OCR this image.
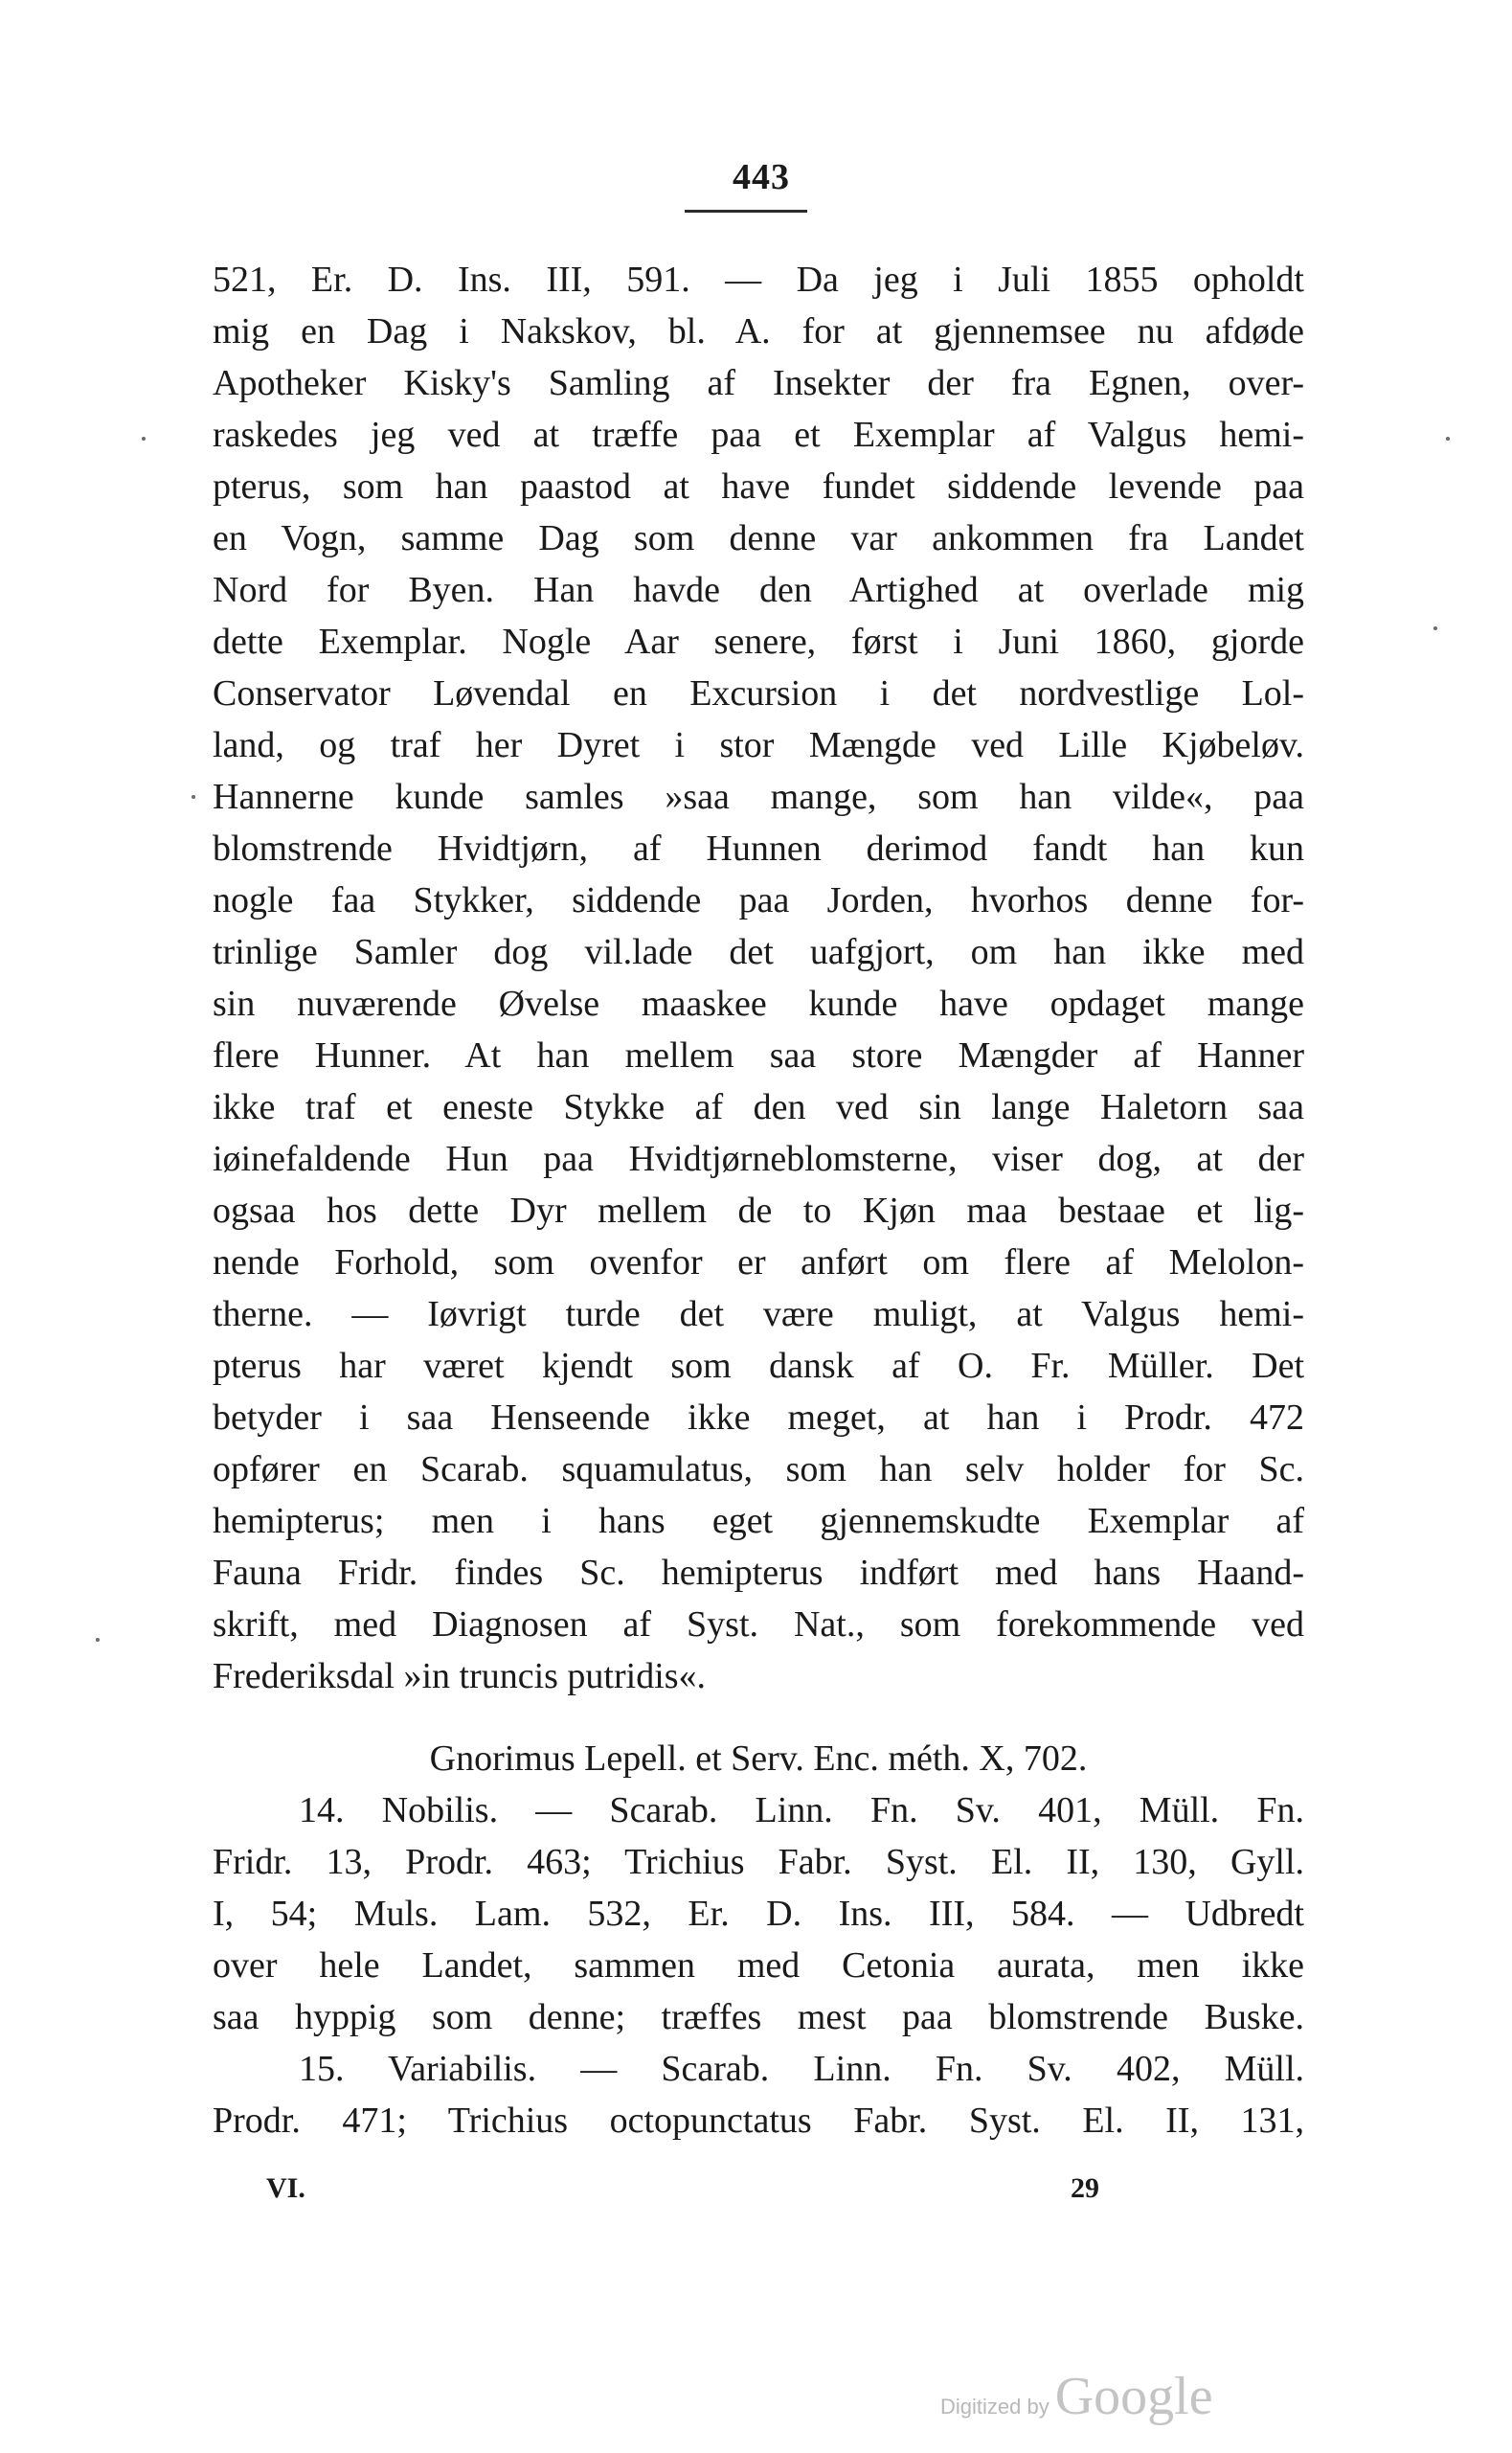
443
521, Er. D. Ins. III, 591. — Da jeg i Juli 1855 opholdt
mig en Dag i Nakskov, bl. A. for at gjennemsee nu afdøde
Apotheker Kisky's Samling af Insekter der fra Egnen, over-
raskedes jeg ved at træffe paa et Exemplar af Valgus hemi-
pterus, som han paastod at have fundet siddende levende paa
en Vogn, samme Dag som denne var ankommen fra Landet
Nord for Byen. Han havde den Artighed at overlade mig
dette Exemplar. Nogle Aar senere, først i Juni 1860, gjorde
Conservator Løvendal en Excursion i det nordvestlige Lol-
land, og traf her Dyret i stor Mængde ved Lille Kjøbeløv.
Hannerne kunde samles »saa mange, som han vilde«, paa
blomstrende Hvidtjørn, af Hunnen derimod fandt han kun
nogle faa Stykker, siddende paa Jorden, hvorhos denne for-
trinlige Samler dog vil.lade det uafgjort, om han ikke med
sin nuværende Øvelse maaskee kunde have opdaget mange
flere Hunner. At han mellem saa store Mængder af Hanner
ikke traf et eneste Stykke af den ved sin lange Haletorn saa
iøinefaldende Hun paa Hvidtjørneblomsterne, viser dog, at der
ogsaa hos dette Dyr mellem de to Kjøn maa bestaae et lig-
nende Forhold, som ovenfor er anført om flere af Melolon-
therne. — Iøvrigt turde det være muligt, at Valgus hemi-
pterus har været kjendt som dansk af O. Fr. Müller. Det
betyder i saa Henseende ikke meget, at han i Prodr. 472
opfører en Scarab. squamulatus, som han selv holder for Sc.
hemipterus; men i hans eget gjennemskudte Exemplar af
Fauna Fridr. findes Sc. hemipterus indført med hans Haand-
skrift, med Diagnosen af Syst. Nat., som forekommende ved
Frederiksdal »in truncis putridis«.
Gnorimus Lepell. et Serv. Enc. méth. X, 702.
14. Nobilis. — Scarab. Linn. Fn. Sv. 401, Müll. Fn.
Fridr. 13, Prodr. 463; Trichius Fabr. Syst. El. II, 130, Gyll.
I, 54; Muls. Lam. 532, Er. D. Ins. III, 584. — Udbredt
over hele Landet, sammen med Cetonia aurata, men ikke
saa hyppig som denne; træffes mest paa blomstrende Buske.
15. Variabilis. — Scarab. Linn. Fn. Sv. 402, Müll.
Prodr. 471; Trichius octopunctatus Fabr. Syst. El. II, 131,
VI.	29
Digitized by Google
